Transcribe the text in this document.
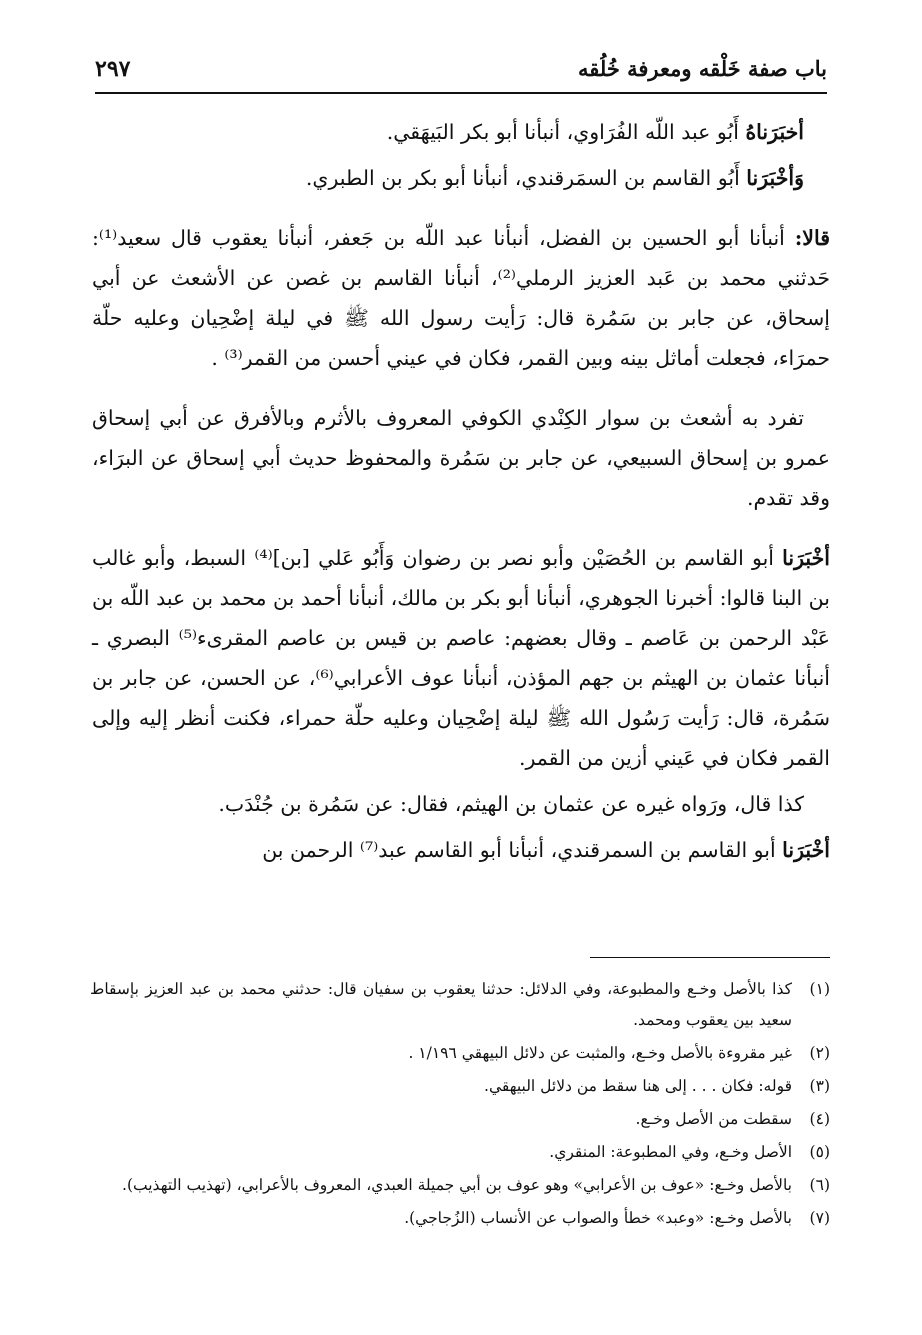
باب صفة خَلْقه ومعرفة خُلُقه
٢٩٧

أخبَرَناهُ أَبُو عبد اللّه الفُرَاوي، أنبأنا أبو بكر البَيهَقي.

وَأخْبَرَنا أَبُو القاسم بن السمَرقندي، أنبأنا أبو بكر بن الطبري.

قالا: أنبأنا أبو الحسين بن الفضل، أنبأنا عبد اللّه بن جَعفر، أنبأنا يعقوب قال سعيد⁽¹⁾: حَدثني محمد بن عَبد العزيز الرملي⁽²⁾، أنبأنا القاسم بن غصن عن الأشعث عن أبي إسحاق، عن جابر بن سَمُرة قال: رَأيت رسول الله ﷺ في ليلة إضْحِيان وعليه حلّة حمرَاء، فجعلت أماثل بينه وبين القمر، فكان في عيني أحسن من القمر⁽³⁾ .

تفرد به أشعث بن سوار الكِنْدي الكوفي المعروف بالأثرم وبالأفرق عن أبي إسحاق عمرو بن إسحاق السبيعي، عن جابر بن سَمُرة والمحفوظ حديث أبي إسحاق عن البرَاء، وقد تقدم.

أخْبَرَنا أبو القاسم بن الحُصَيْن وأبو نصر بن رضوان وَأَبُو عَلي [بن]⁽⁴⁾ السبط، وأبو غالب بن البنا قالوا: أخبرنا الجوهري، أنبأنا أبو بكر بن مالك، أنبأنا أحمد بن محمد بن عبد اللّه بن عَبْد الرحمن بن عَاصم ـ وقال بعضهم: عاصم بن قيس بن عاصم المقرىء⁽⁵⁾ البصري ـ أنبأنا عثمان بن الهيثم بن جهم المؤذن، أنبأنا عوف الأعرابي⁽⁶⁾، عن الحسن، عن جابر بن سَمُرة، قال: رَأيت رَسُول الله ﷺ ليلة إضْحِيان وعليه حلّة حمراء، فكنت أنظر إليه وإلى القمر فكان في عَيني أزين من القمر.

كذا قال، ورَواه غيره عن عثمان بن الهيثم، فقال: عن سَمُرة بن جُنْدَب.

أخْبَرَنا أبو القاسم بن السمرقندي، أنبأنا أبو القاسم عبد⁽⁷⁾ الرحمن بن

(١)
كذا بالأصل وخـع والمطبوعة، وفي الدلائل: حدثنا يعقوب بن سفيان قال: حدثني محمد بن عبد العزيز بإسقاط سعيد بين يعقوب ومحمد.
(٢)
غير مقروءة بالأصل وخـع، والمثبت عن دلائل البيهقي ١/١٩٦ .
(٣)
قوله: فكان . . . إلى هنا سقط من دلائل البيهقي.
(٤)
سقطت من الأصل وخـع.
(٥)
الأصل وخـع، وفي المطبوعة: المنقري.
(٦)
بالأصل وخـع: «عوف بن الأعرابي» وهو عوف بن أبي جميلة العبدي، المعروف بالأعرابي، (تهذيب التهذيب).
(٧)
بالأصل وخـع: «وعبد» خطأ والصواب عن الأنساب (الزُجاجي).
